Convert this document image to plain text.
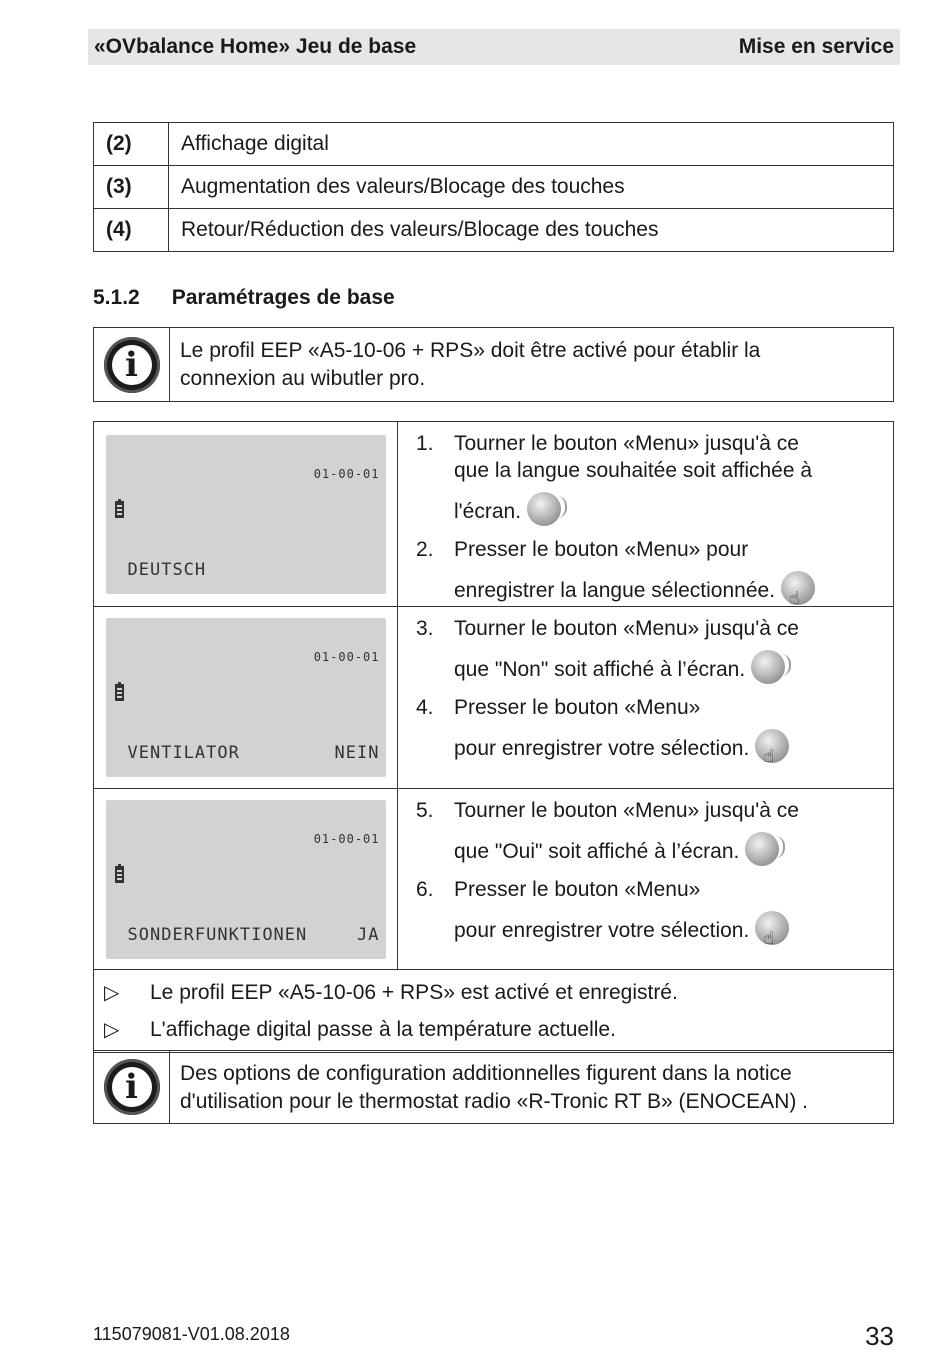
«OVbalance Home» Jeu de base	Mise en service
(2)	Affichage digital
(3)	Augmentation des valeurs/Blocage des touches
(4)	Retour/Réduction des valeurs/Blocage des touches
5.1.2 Paramétrages de base
i	Le profil EEP «A5-10-06 + RPS» doit être activé pour établir la
connexion au wibutler pro.
01-00-01
DEUTSCH
1. Tourner le bouton «Menu» jusqu'à ce
que la langue souhaitée soit affichée à
l'écran.
2. Presser le bouton «Menu» pour
enregistrer la langue sélectionnée.☝
01-00-01
VENTILATOR	NEIN
3. Tourner le bouton «Menu» jusqu'à ce
que "Non" soit affiché à l’écran.
4. Presser le bouton «Menu»
pour enregistrer votre sélection.☝
01-00-01
SONDERFUNKTIONEN	JA
5. Tourner le bouton «Menu» jusqu'à ce
que "Oui" soit affiché à l’écran.
6. Presser le bouton «Menu»
pour enregistrer votre sélection.☝
▷	Le profil EEP «A5-10-06 + RPS» est activé et enregistré.
▷	L'affichage digital passe à la température actuelle.
i	Des options de configuration additionnelles figurent dans la notice
d'utilisation pour le thermostat radio «R-Tronic RT B» (ENOCEAN) .
115079081-V01.08.2018	33
